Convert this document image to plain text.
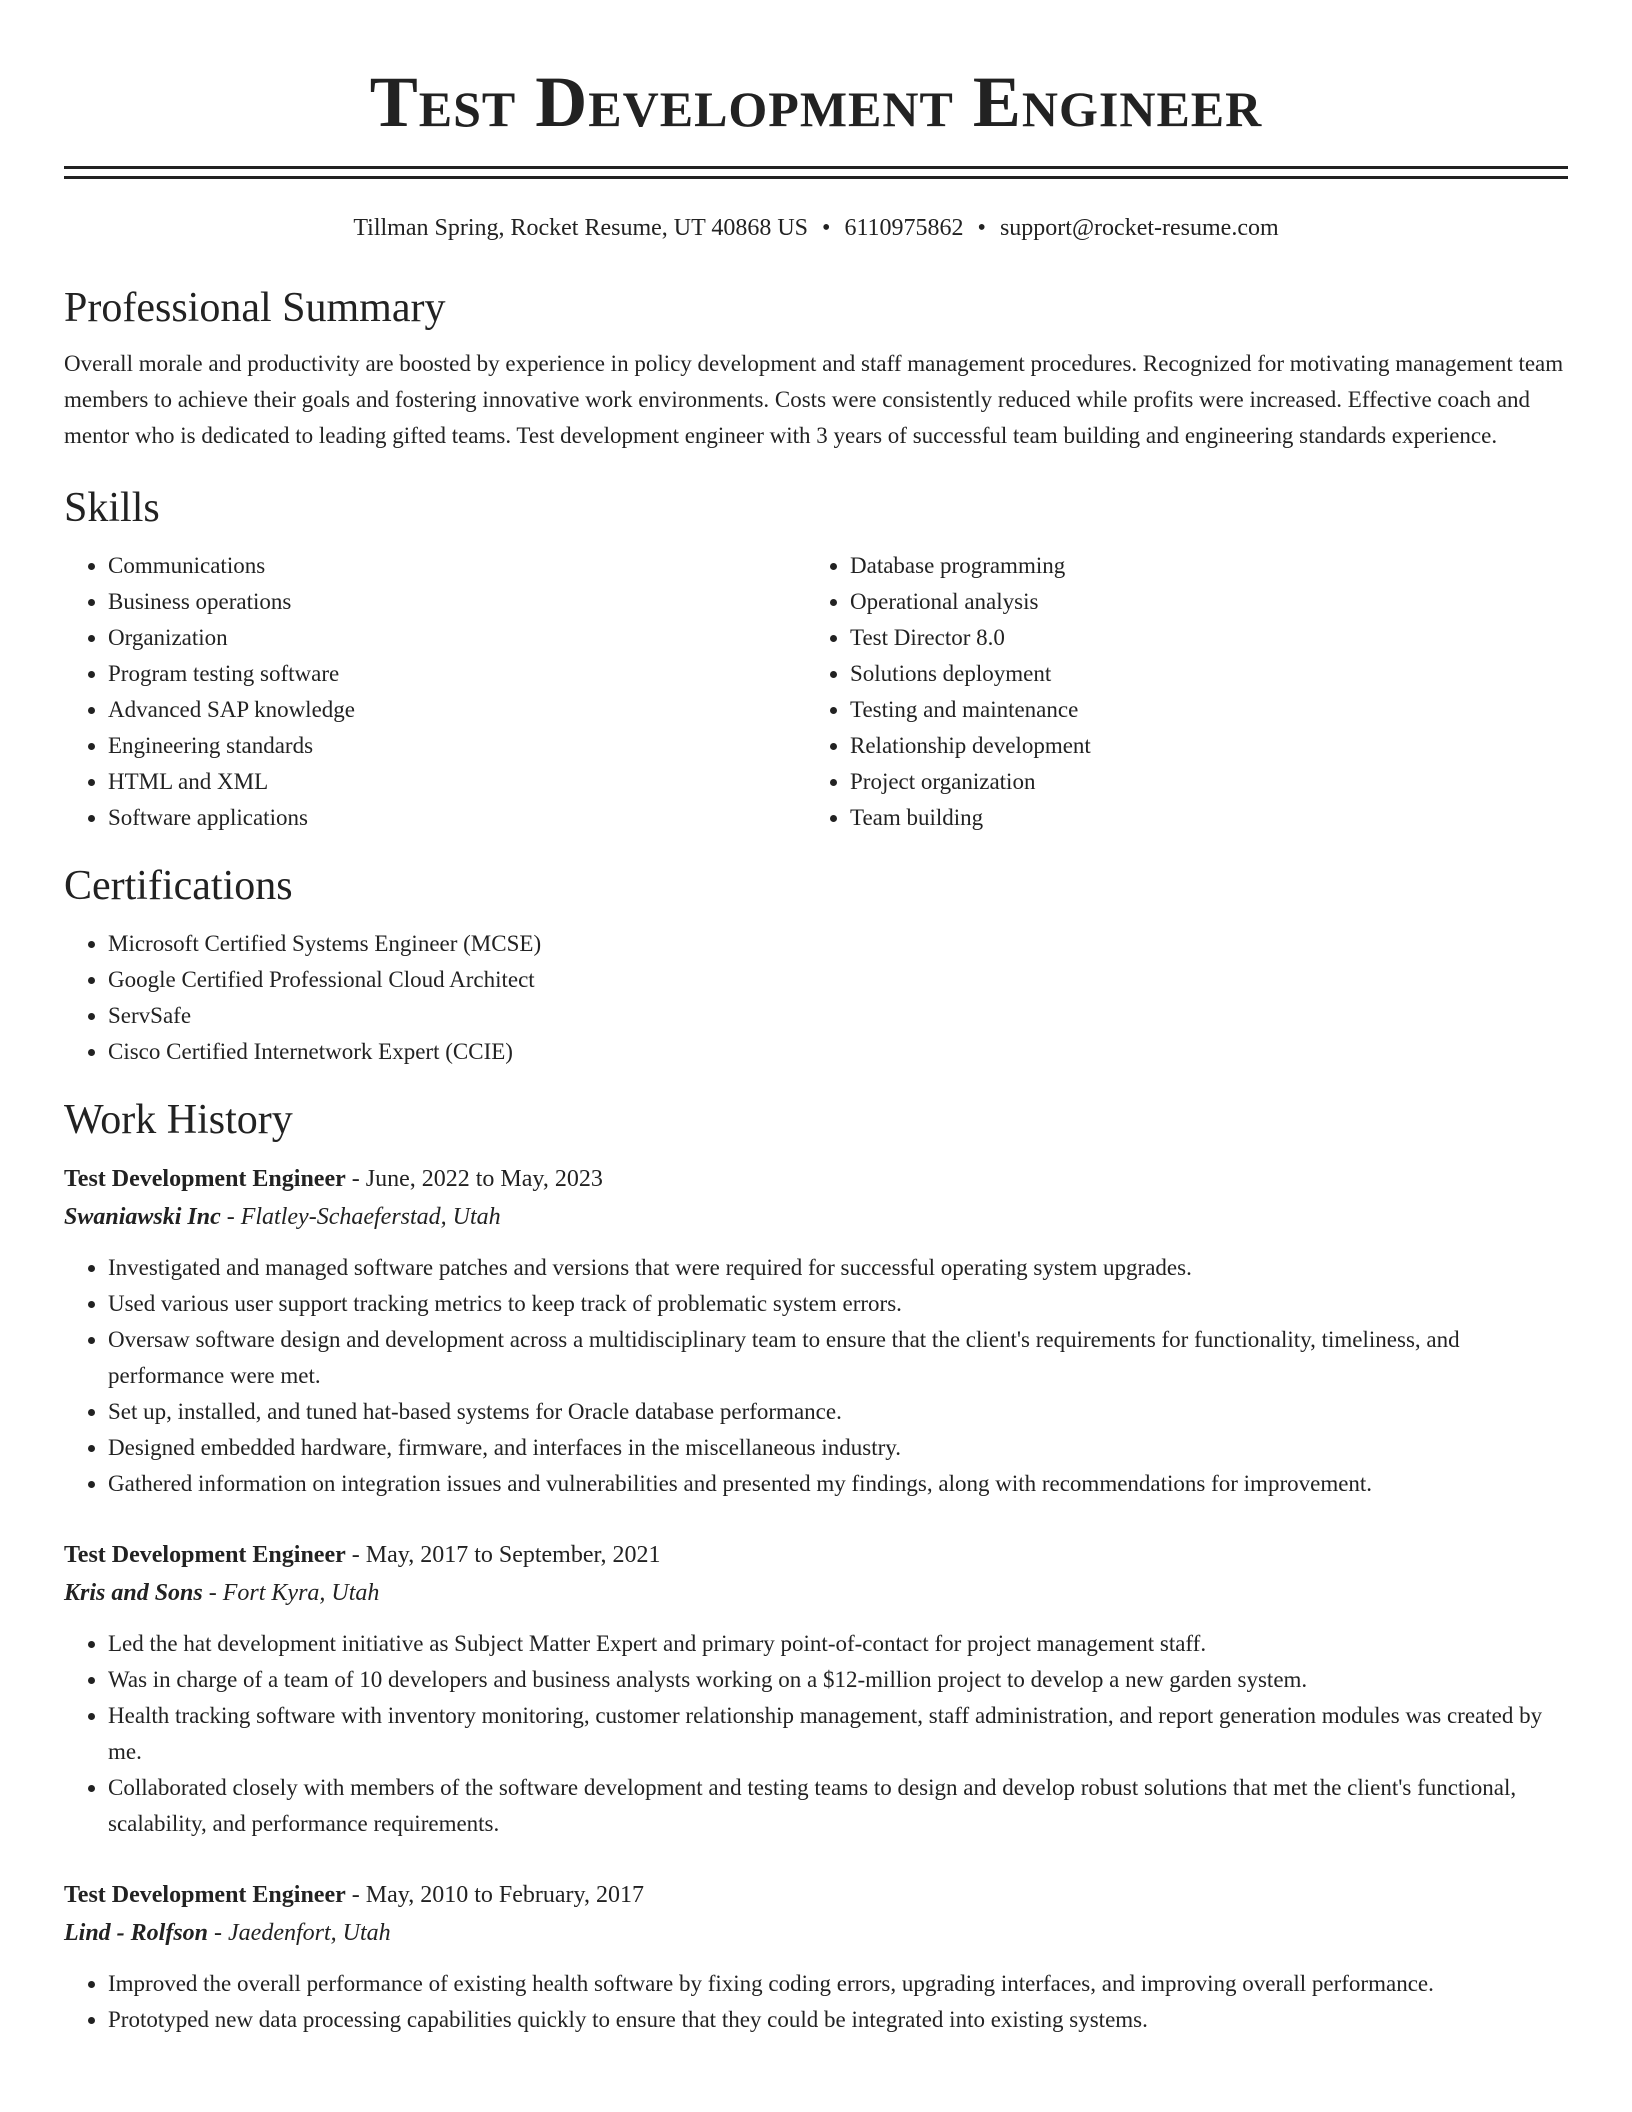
Test Development Engineer
Tillman Spring, Rocket Resume, UT 40868 US • 6110975862 • support@rocket-resume.com
Professional Summary
Overall morale and productivity are boosted by experience in policy development and staff management procedures. Recognized for motivating management team members to achieve their goals and fostering innovative work environments. Costs were consistently reduced while profits were increased. Effective coach and mentor who is dedicated to leading gifted teams. Test development engineer with 3 years of successful team building and engineering standards experience.
Skills
• Communications
• Business operations
• Organization
• Program testing software
• Advanced SAP knowledge
• Engineering standards
• HTML and XML
• Software applications
• Database programming
• Operational analysis
• Test Director 8.0
• Solutions deployment
• Testing and maintenance
• Relationship development
• Project organization
• Team building
Certifications
• Microsoft Certified Systems Engineer (MCSE)
• Google Certified Professional Cloud Architect
• ServSafe
• Cisco Certified Internetwork Expert (CCIE)
Work History
Test Development Engineer - June, 2022 to May, 2023
Swaniawski Inc - Flatley-Schaeferstad, Utah
• Investigated and managed software patches and versions that were required for successful operating system upgrades.
• Used various user support tracking metrics to keep track of problematic system errors.
• Oversaw software design and development across a multidisciplinary team to ensure that the client's requirements for functionality, timeliness, and performance were met.
• Set up, installed, and tuned hat-based systems for Oracle database performance.
• Designed embedded hardware, firmware, and interfaces in the miscellaneous industry.
• Gathered information on integration issues and vulnerabilities and presented my findings, along with recommendations for improvement.
Test Development Engineer - May, 2017 to September, 2021
Kris and Sons - Fort Kyra, Utah
• Led the hat development initiative as Subject Matter Expert and primary point-of-contact for project management staff.
• Was in charge of a team of 10 developers and business analysts working on a $12-million project to develop a new garden system.
• Health tracking software with inventory monitoring, customer relationship management, staff administration, and report generation modules was created by me.
• Collaborated closely with members of the software development and testing teams to design and develop robust solutions that met the client's functional, scalability, and performance requirements.
Test Development Engineer - May, 2010 to February, 2017
Lind - Rolfson - Jaedenfort, Utah
• Improved the overall performance of existing health software by fixing coding errors, upgrading interfaces, and improving overall performance.
• Prototyped new data processing capabilities quickly to ensure that they could be integrated into existing systems.
